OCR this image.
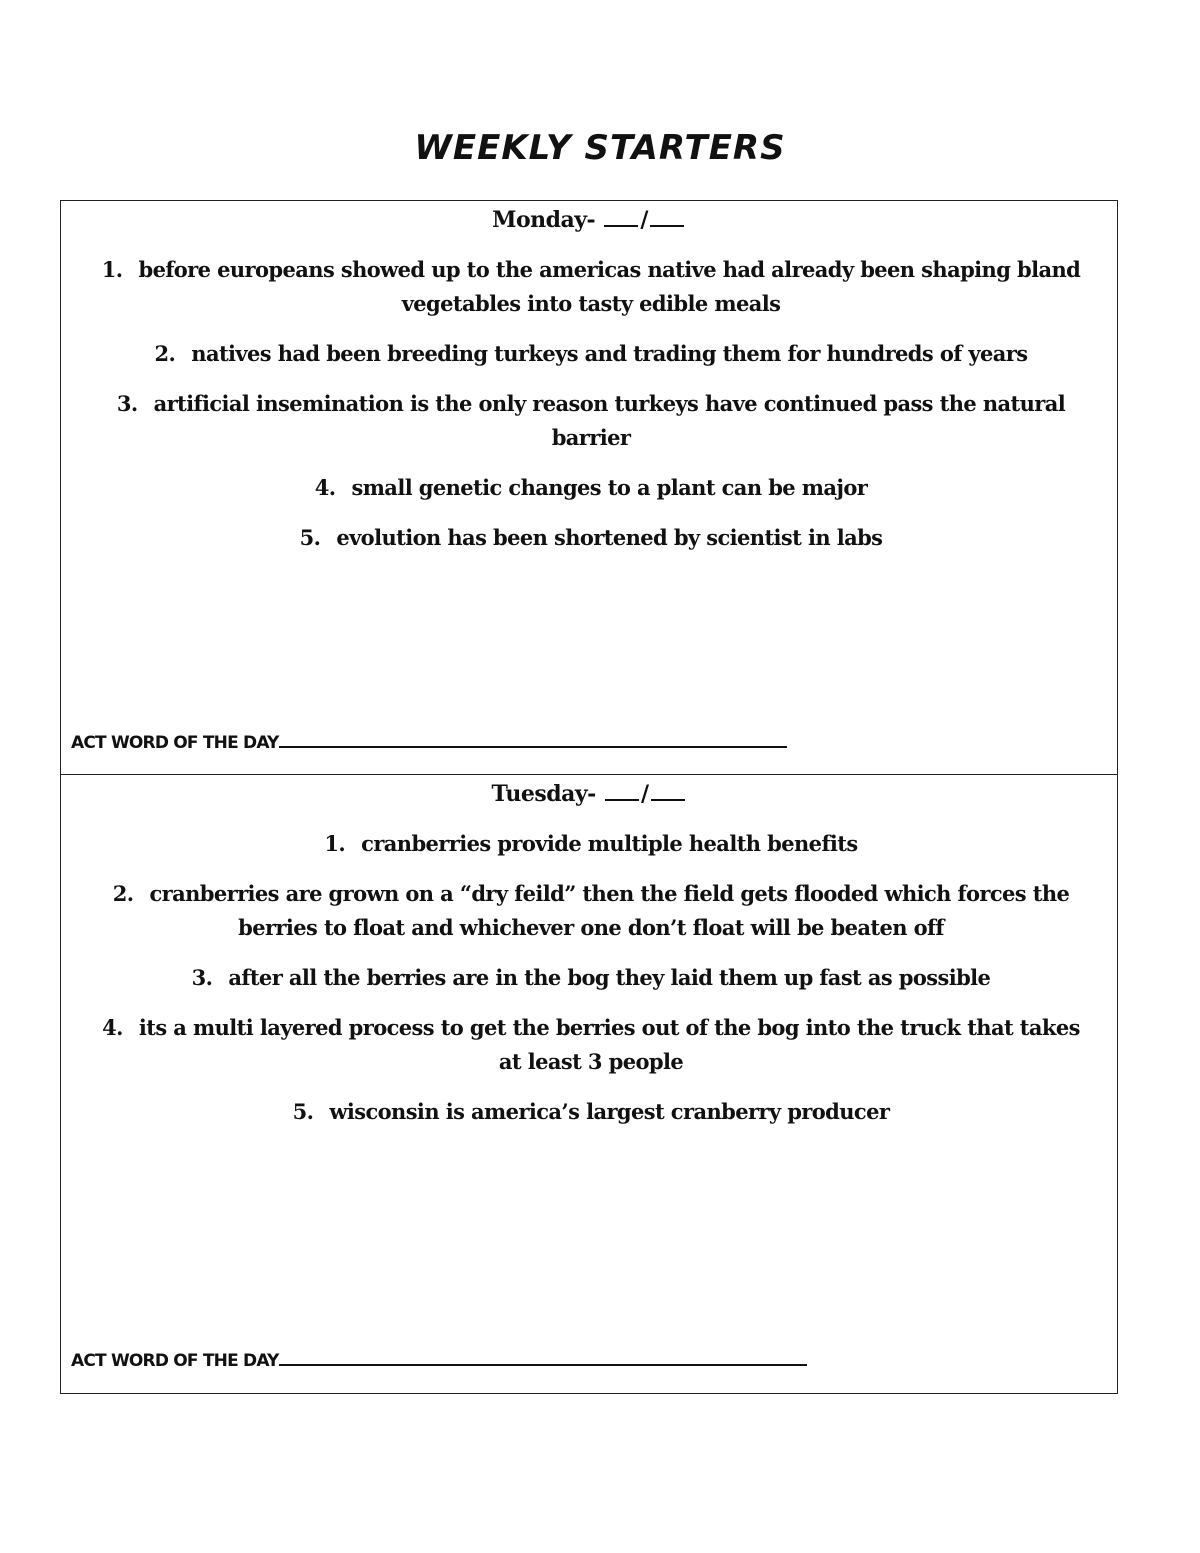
WEEKLY STARTERS
Monday- /
1. before europeans showed up to the americas native had already been shaping bland vegetables into tasty edible meals
2. natives had been breeding turkeys and trading them for hundreds of years
3. artificial insemination is the only reason turkeys have continued pass the natural barrier
4. small genetic changes to a plant can be major
5. evolution has been shortened by scientist in labs
ACT WORD OF THE DAY
Tuesday- /
1. cranberries provide multiple health benefits
2. cranberries are grown on a “dry feild” then the field gets flooded which forces the berries to float and whichever one don’t float will be beaten off
3. after all the berries are in the bog they laid them up fast as possible
4. its a multi layered process to get the berries out of the bog into the truck that takes at least 3 people
5. wisconsin is america’s largest cranberry producer
ACT WORD OF THE DAY
